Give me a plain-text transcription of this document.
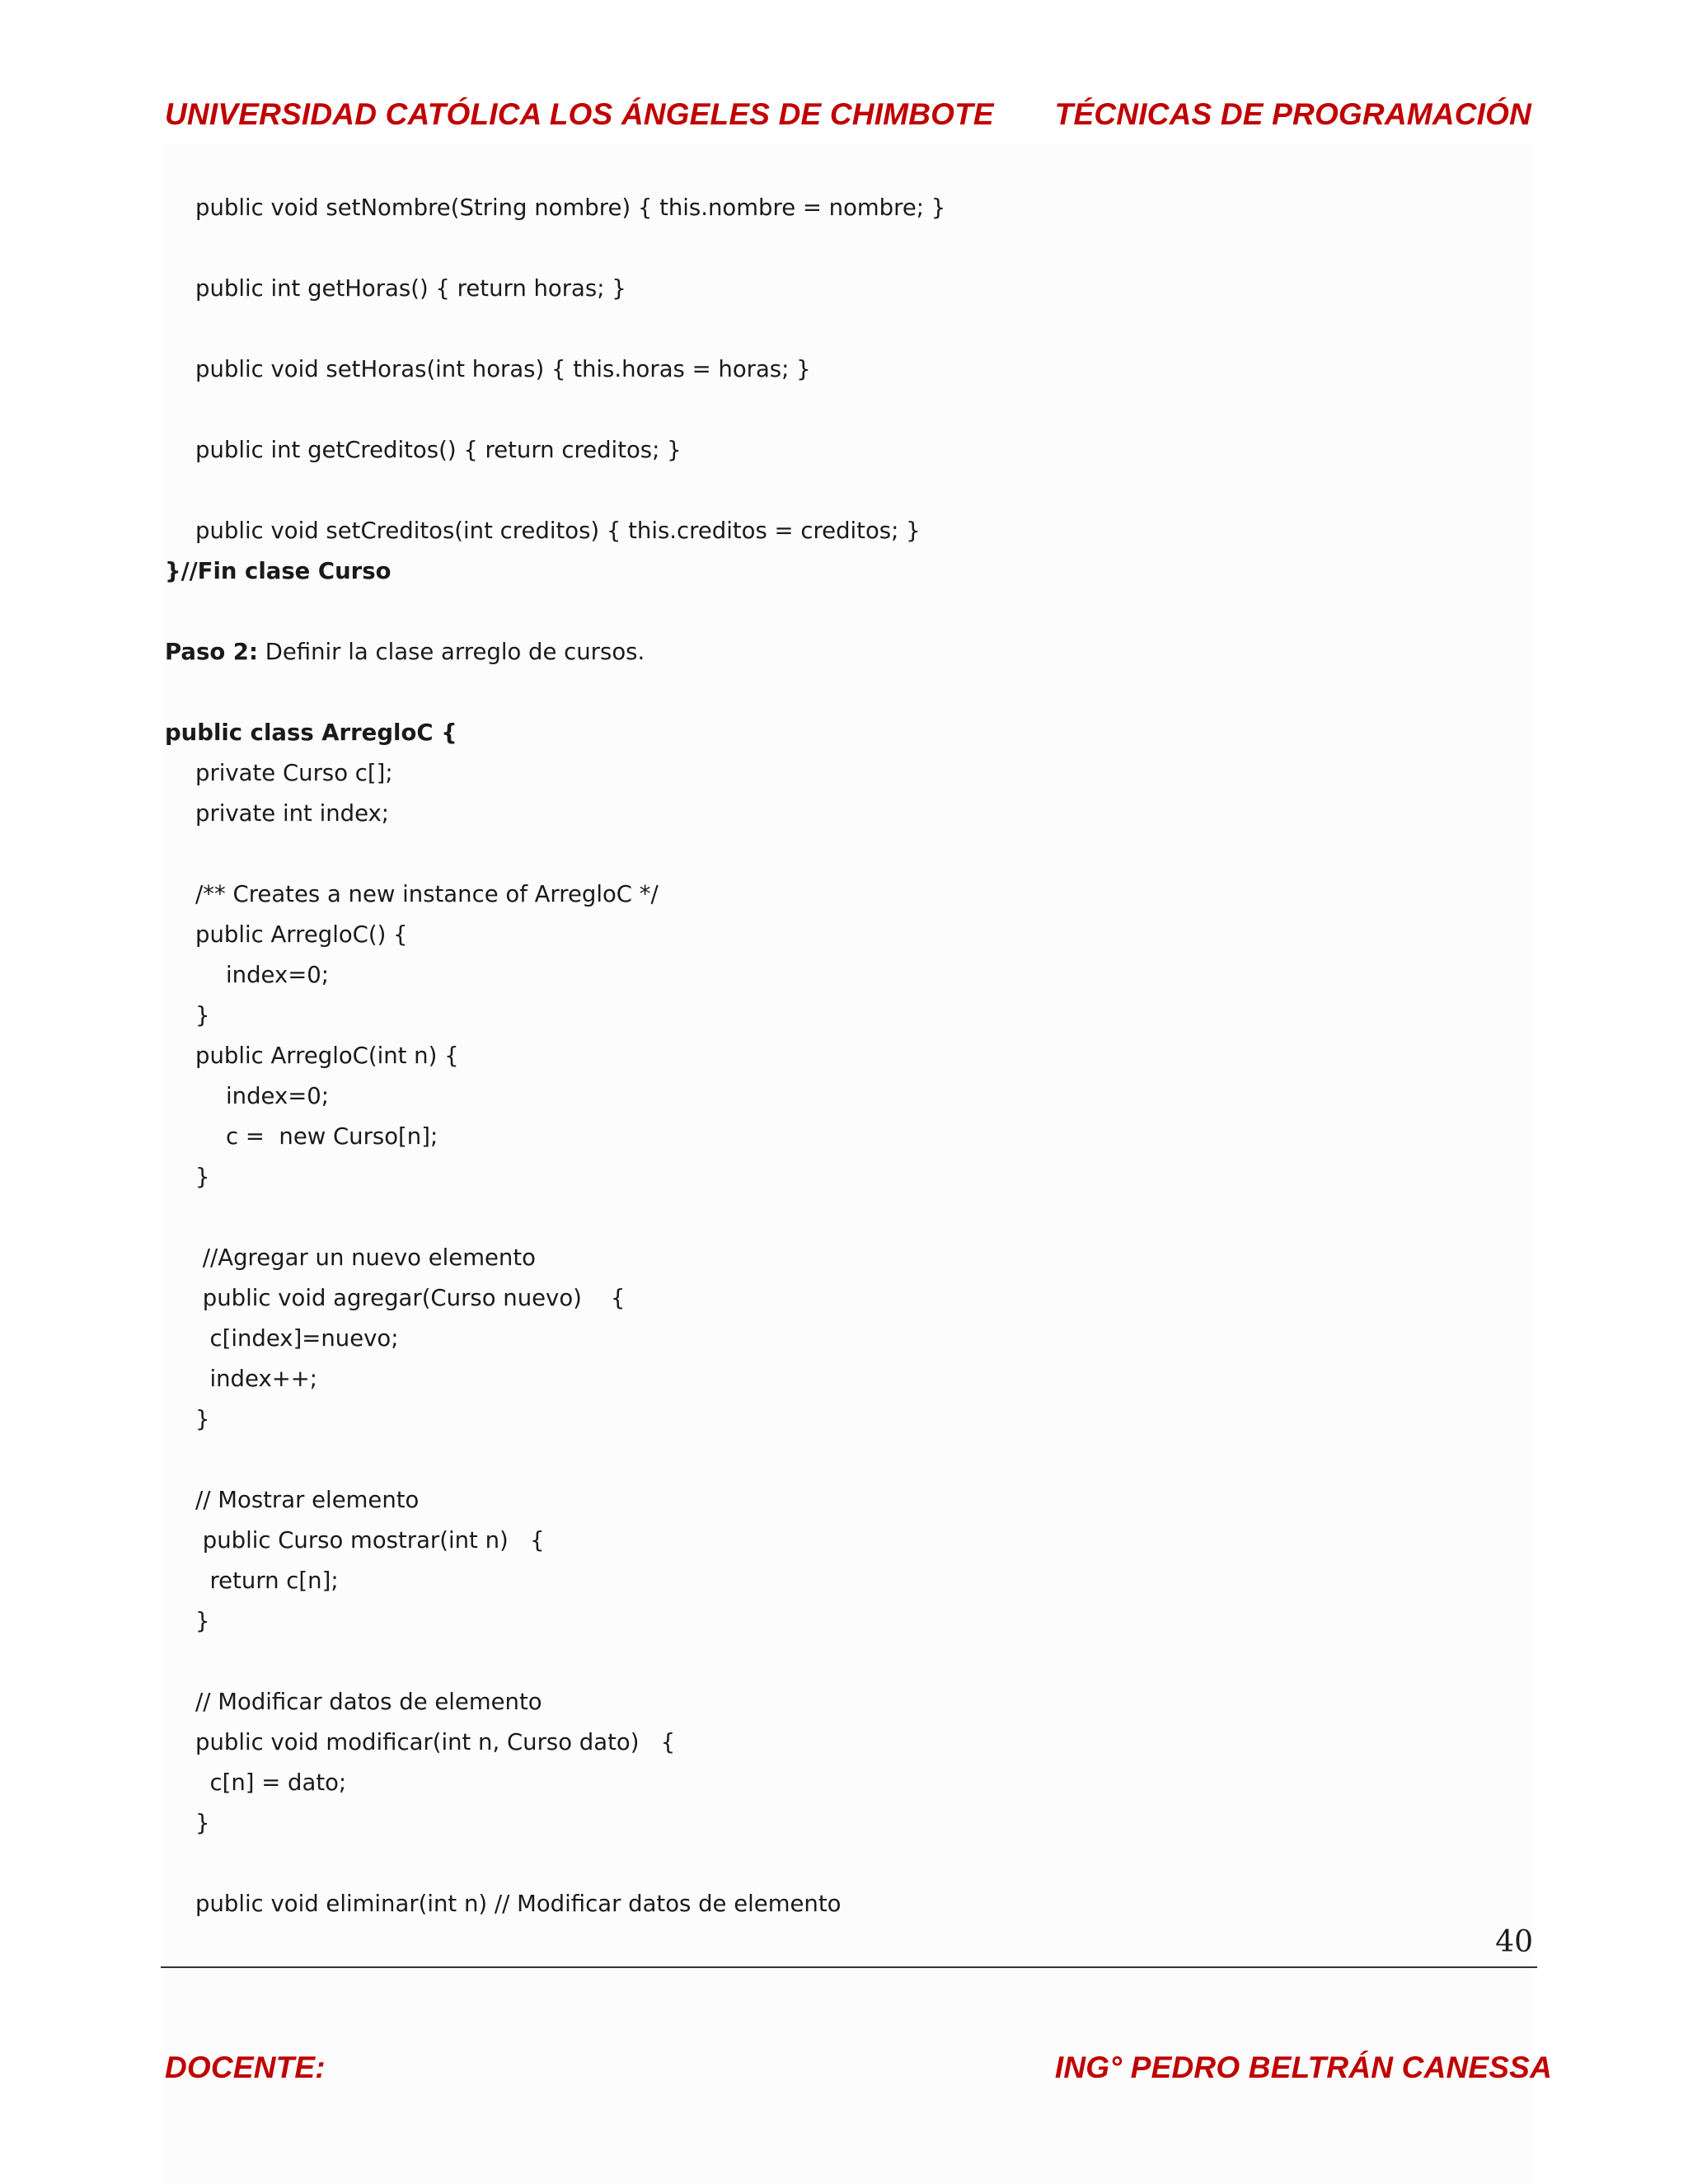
UNIVERSIDAD CATÓLICA LOS ÁNGELES DE CHIMBOTE TÉCNICAS DE PROGRAMACIÓN
public void setNombre(String nombre) { this.nombre = nombre; }
public int getHoras() { return horas; }
public void setHoras(int horas) { this.horas = horas; }
public int getCreditos() { return creditos; }
public void setCreditos(int creditos) { this.creditos = creditos; }
}//Fin clase Curso
Paso 2: Definir la clase arreglo de cursos.
public class ArregloC {
private Curso c[];
private int index;
/** Creates a new instance of ArregloC */
public ArregloC() {
index=0;
}
public ArregloC(int n) {
index=0;
c =  new Curso[n];
}
//Agregar un nuevo elemento
public void agregar(Curso nuevo)    {
c[index]=nuevo;
index++;
}
// Mostrar elemento
public Curso mostrar(int n)   {
return c[n];
}
// Modificar datos de elemento
public void modificar(int n, Curso dato)   {
c[n] = dato;
}
public void eliminar(int n) // Modificar datos de elemento
40
DOCENTE:	ING° PEDRO BELTRÁN CANESSA
